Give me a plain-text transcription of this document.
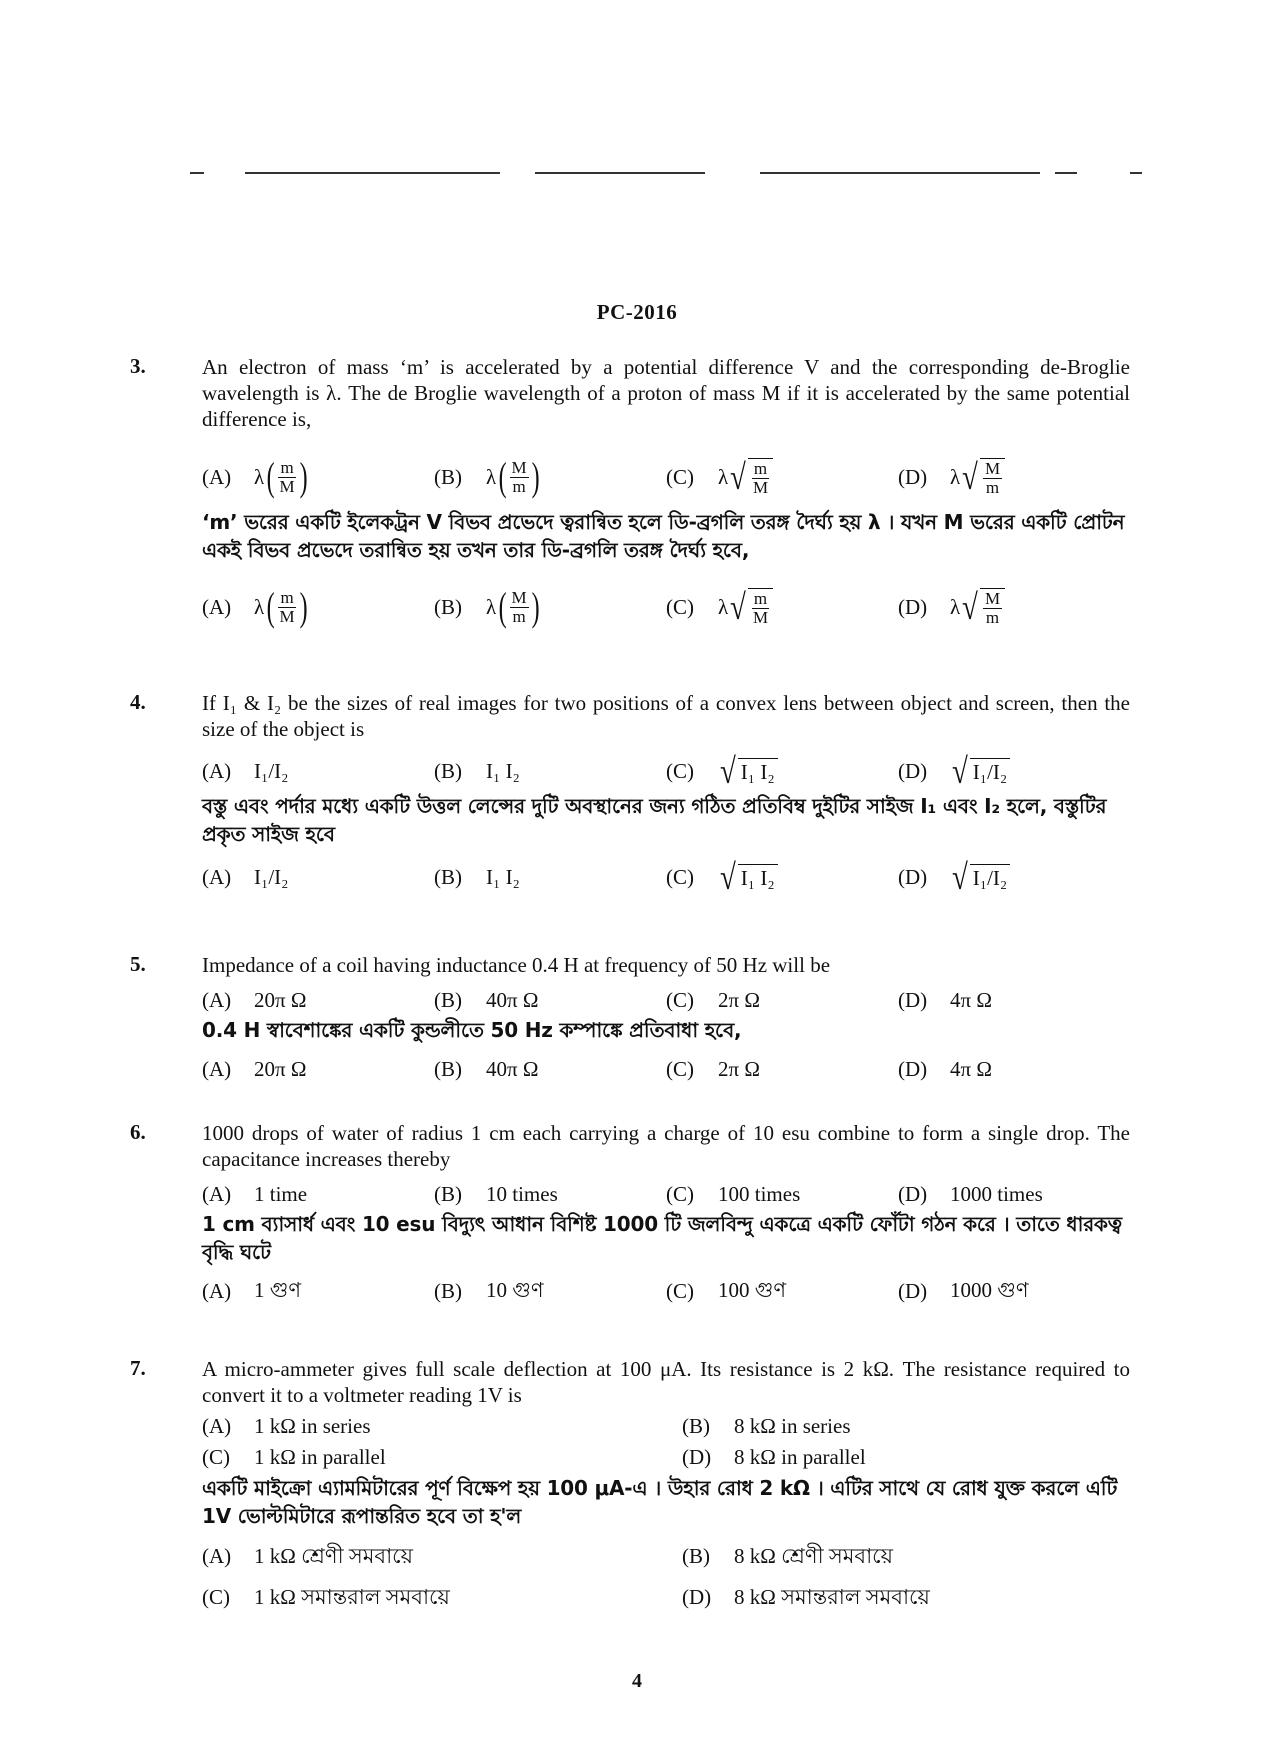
PC-2016
3.	An electron of mass ‘m’ is accelerated by a potential difference V and the corresponding de-Broglie wavelength is λ. The de Broglie wavelength of a proton of mass M if it is accelerated by the same potential difference is,
(A)	λ ( $\frac{m}{M}$ )	(B)	λ ( $\frac{M}{m}$ )	(C)	λ √ $\frac{m}{M}$	(D)	λ √ $\frac{M}{m}$
‘m’ ভরের একটি ইলেকট্রন V বিভব প্রভেদে ত্বরান্বিত হলে ডি-ব্রগলি তরঙ্গ দৈর্ঘ্য হয় λ । যখন M ভরের একটি প্রোটন একই বিভব প্রভেদে তরান্বিত হয় তখন তার ডি-ব্রগলি তরঙ্গ দৈর্ঘ্য হবে,
(A)	λ ( $\frac{m}{M}$ )	(B)	λ ( $\frac{M}{m}$ )	(C)	λ √ $\frac{m}{M}$	(D)	λ √ $\frac{M}{m}$
4.	If I₁ & I₂ be the sizes of real images for two positions of a convex lens between object and screen, then the size of the object is
(A)	I₁/I₂	(B)	I₁ I₂	(C) √ I₁ I₂	(D) √ I₁/I₂
বস্তু এবং পর্দার মধ্যে একটি উত্তল লেন্সের দুটি অবস্থানের জন্য গঠিত প্রতিবিম্ব দুইটির সাইজ I₁ এবং I₂ হলে, বস্তুটির প্রকৃত সাইজ হবে
(A)	I₁/I₂	(B)	I₁ I₂	(C) √ I₁ I₂	(D) √ I₁/I₂
5.	Impedance of a coil having inductance 0.4 H at frequency of 50 Hz will be
(A)	20π Ω	(B)	40π Ω	(C)	2π Ω	(D)	4π Ω
0.4 H স্বাবেশাঙ্কের একটি কুন্ডলীতে 50 Hz কম্পাঙ্কে প্রতিবাধা হবে,
(A)	20π Ω	(B)	40π Ω	(C)	2π Ω	(D)	4π Ω
6.	1000 drops of water of radius 1 cm each carrying a charge of 10 esu combine to form a single drop. The capacitance increases thereby
(A)	1 time	(B)	10 times	(C)	100 times	(D)	1000 times
1 cm ব্যাসার্ধ এবং 10 esu বিদ্যুৎ আধান বিশিষ্ট 1000 টি জলবিন্দু একত্রে একটি ফোঁটা গঠন করে । তাতে ধারকত্ব বৃদ্ধি ঘটে
(A)	1 গুণ	(B)	10 গুণ	(C)	100 গুণ	(D)	1000 গুণ
7.	A micro-ammeter gives full scale deflection at 100 μA. Its resistance is 2 kΩ. The resistance required to convert it to a voltmeter reading 1V is
(A) 1 kΩ in series	(B) 8 kΩ in series
(C) 1 kΩ in parallel	(D) 8 kΩ in parallel
একটি মাইক্রো এ্যামমিটারের পূর্ণ বিক্ষেপ হয় 100 μA-এ । উহার রোধ 2 kΩ । এটির সাথে যে রোধ যুক্ত করলে এটি 1V ভোল্টমিটারে রূপান্তরিত হবে তা হ'ল
(A) 1 kΩ শ্রেণী সমবায়ে	(B) 8 kΩ শ্রেণী সমবায়ে
(C) 1 kΩ সমান্তরাল সমবায়ে	(D) 8 kΩ সমান্তরাল সমবায়ে
4
